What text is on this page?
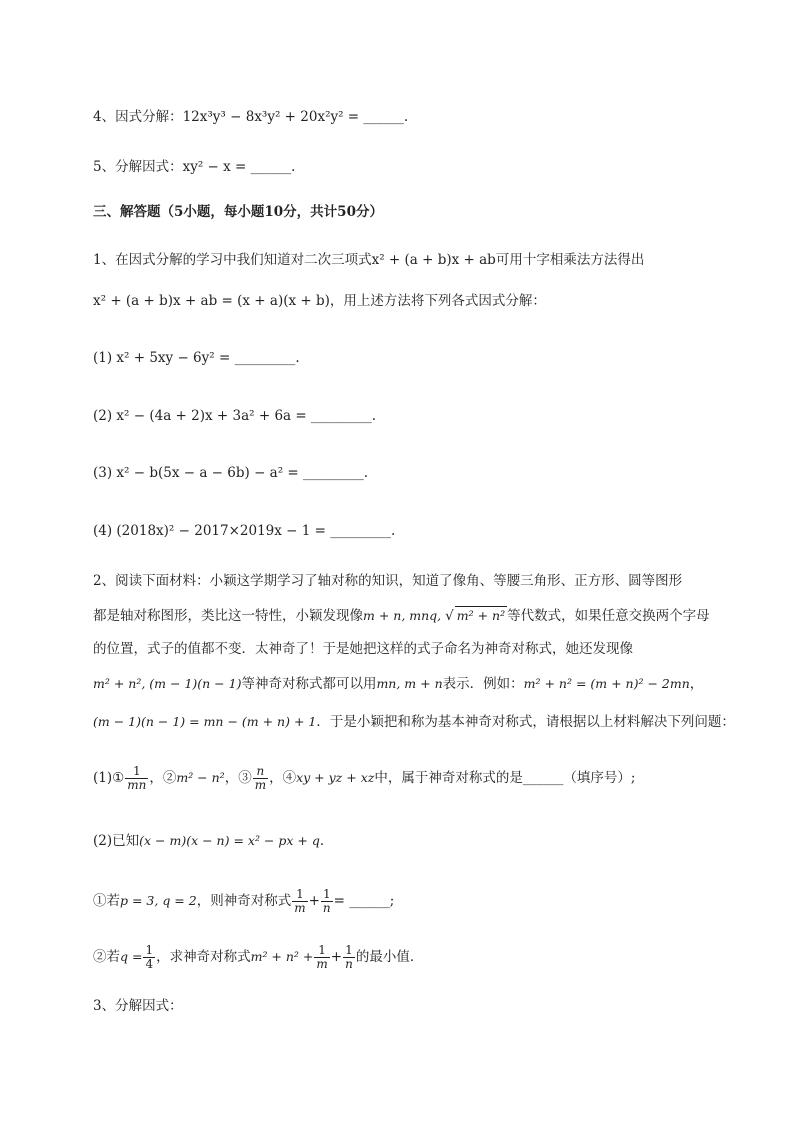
4、因式分解：12x³y³ − 8x³y² + 20x²y² = ______.
5、分解因式：xy² − x = ______.
三、解答题（5小题，每小题10分，共计50分）
1、在因式分解的学习中我们知道对二次三项式x² + (a + b)x + ab可用十字相乘法方法得出
x² + (a + b)x + ab = (x + a)(x + b)，用上述方法将下列各式因式分解：
(1) x² + 5xy − 6y² = _________.
(2) x² − (4a + 2)x + 3a² + 6a = _________.
(3) x² − b(5x − a − 6b) − a² = _________.
(4) (2018x)² − 2017×2019x − 1 = _________.
2、阅读下面材料：小颖这学期学习了轴对称的知识，知道了像角、等腰三角形、正方形、圆等图形
都是轴对称图形，类比这一特性，小颖发现像m + n, mnq, √ m² + n² 等代数式，如果任意交换两个字母
的位置，式子的值都不变．太神奇了！于是她把这样的式子命名为神奇对称式，她还发现像
m² + n², (m − 1)(n − 1)等神奇对称式都可以用mn, m + n表示．例如：m² + n² = (m + n)² − 2mn，
(m − 1)(n − 1) = mn − (m + n) + 1．于是小颖把和称为基本神奇对称式，请根据以上材料解决下列问题：
(1)① $\frac{1}{mn}$ ，②m² − n²，③ $\frac{n}{m}$ ，④xy + yz + xz中，属于神奇对称式的是______（填序号）;
(2)已知(x − m)(x − n) = x² − px + q．
①若p = 3, q = 2，则神奇对称式 $\frac{1}{m} + \frac{1}{n}$ = ______;
②若$q = \frac{1}{4}$ ，求神奇对称式$m^2 + n^2 + \frac{1}{m} + \frac{1}{n}$ 的最小值．
3、分解因式：
